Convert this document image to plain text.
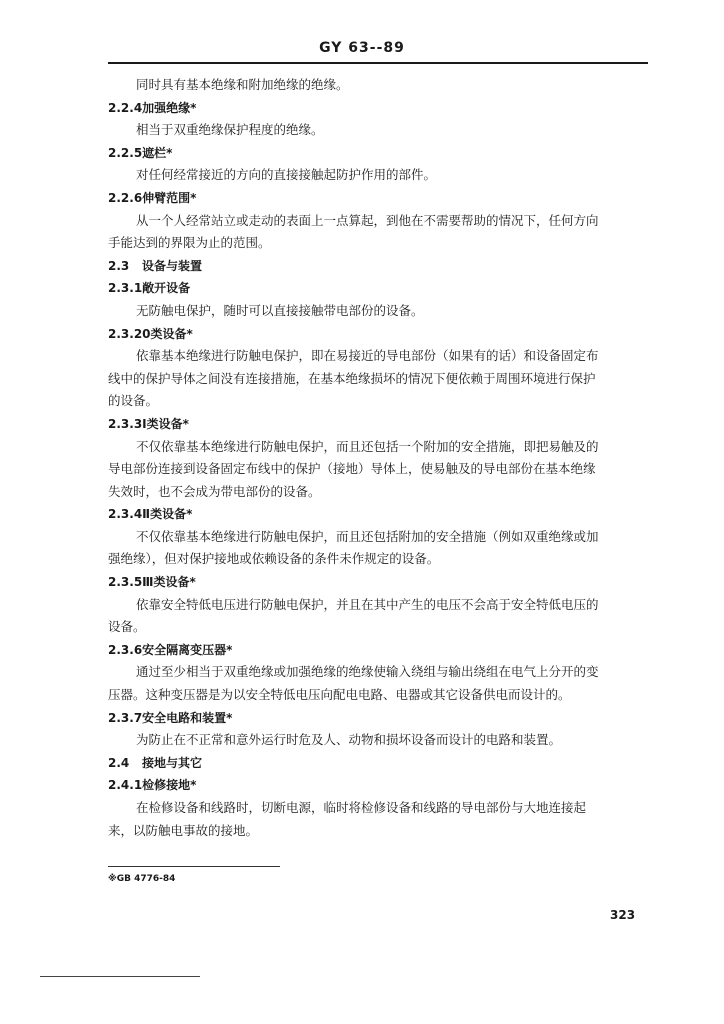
GY 63--89
同时具有基本绝缘和附加绝缘的绝缘。
2.2.4加强绝缘*
相当于双重绝缘保护程度的绝缘。
2.2.5遮栏*
对任何经常接近的方向的直接接触起防护作用的部件。
2.2.6伸臂范围*
从一个人经常站立或走动的表面上一点算起，到他在不需要帮助的情况下，任何方向
手能达到的界限为止的范围。
2.3 设备与装置
2.3.1敞开设备
无防触电保护，随时可以直接接触带电部份的设备。
2.3.20类设备*
依靠基本绝缘进行防触电保护，即在易接近的导电部份（如果有的话）和设备固定布
线中的保护导体之间没有连接措施，在基本绝缘损坏的情况下便依赖于周围环境进行保护
的设备。
2.3.3Ⅰ类设备*
不仅依靠基本绝缘进行防触电保护，而且还包括一个附加的安全措施，即把易触及的
导电部份连接到设备固定布线中的保护（接地）导体上，使易触及的导电部份在基本绝缘
失效时，也不会成为带电部份的设备。
2.3.4Ⅱ类设备*
不仅依靠基本绝缘进行防触电保护，而且还包括附加的安全措施（例如双重绝缘或加
强绝缘），但对保护接地或依赖设备的条件未作规定的设备。
2.3.5Ⅲ类设备*
依靠安全特低电压进行防触电保护，并且在其中产生的电压不会高于安全特低电压的
设备。
2.3.6安全隔离变压器*
通过至少相当于双重绝缘或加强绝缘的绝缘使输入绕组与输出绕组在电气上分开的变
压器。这种变压器是为以安全特低电压向配电电路、电器或其它设备供电而设计的。
2.3.7安全电路和装置*
为防止在不正常和意外运行时危及人、动物和损坏设备而设计的电路和装置。
2.4 接地与其它
2.4.1检修接地*
在检修设备和线路时，切断电源，临时将检修设备和线路的导电部份与大地连接起
来，以防触电事故的接地。
※GB 4776-84
323
